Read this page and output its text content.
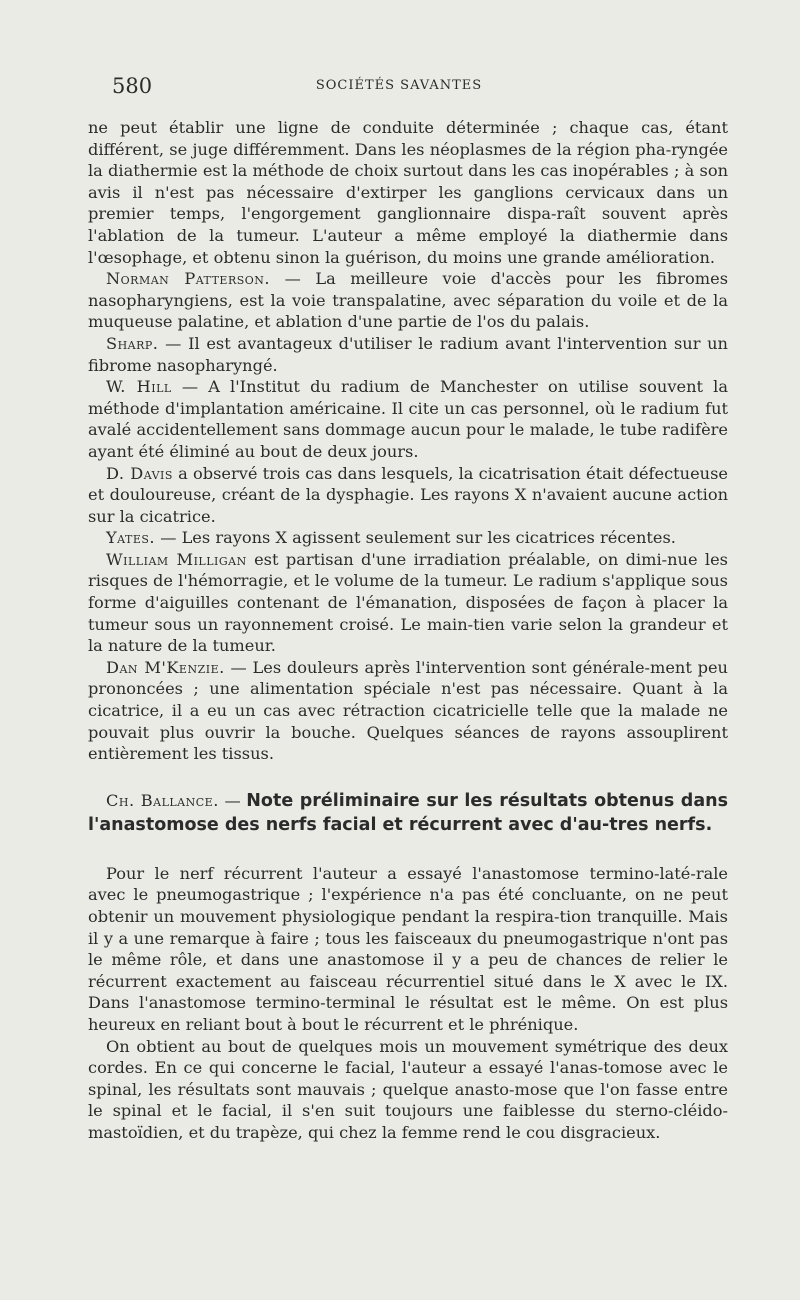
580	SOCIÉTÉS SAVANTES

ne peut établir une ligne de conduite déterminée ; chaque cas, étant différent, se juge différemment. Dans les néoplasmes de la région pha-ryngée la diathermie est la méthode de choix surtout dans les cas inopérables ; à son avis il n'est pas nécessaire d'extirper les ganglions cervicaux dans un premier temps, l'engorgement ganglionnaire dispa-raît souvent après l'ablation de la tumeur. L'auteur a même employé la diathermie dans l'œsophage, et obtenu sinon la guérison, du moins une grande amélioration.

Norman Patterson. — La meilleure voie d'accès pour les fibromes nasopharyngiens, est la voie transpalatine, avec séparation du voile et de la muqueuse palatine, et ablation d'une partie de l'os du palais.

Sharp. — Il est avantageux d'utiliser le radium avant l'intervention sur un fibrome nasopharyngé.

W. Hill — A l'Institut du radium de Manchester on utilise souvent la méthode d'implantation américaine. Il cite un cas personnel, où le radium fut avalé accidentellement sans dommage aucun pour le malade, le tube radifère ayant été éliminé au bout de deux jours.

D. Davis a observé trois cas dans lesquels, la cicatrisation était défectueuse et douloureuse, créant de la dysphagie. Les rayons X n'avaient aucune action sur la cicatrice.

Yates. — Les rayons X agissent seulement sur les cicatrices récentes.

William Milligan est partisan d'une irradiation préalable, on dimi-nue les risques de l'hémorragie, et le volume de la tumeur. Le radium s'applique sous forme d'aiguilles contenant de l'émanation, disposées de façon à placer la tumeur sous un rayonnement croisé. Le main-tien varie selon la grandeur et la nature de la tumeur.

Dan M'Kenzie. — Les douleurs après l'intervention sont générale-ment peu prononcées ; une alimentation spéciale n'est pas nécessaire. Quant à la cicatrice, il a eu un cas avec rétraction cicatricielle telle que la malade ne pouvait plus ouvrir la bouche. Quelques séances de rayons assouplirent entièrement les tissus.

Ch. Ballance. — Note préliminaire sur les résultats obtenus dans l'anastomose des nerfs facial et récurrent avec d'au-tres nerfs.

Pour le nerf récurrent l'auteur a essayé l'anastomose termino-laté-rale avec le pneumogastrique ; l'expérience n'a pas été concluante, on ne peut obtenir un mouvement physiologique pendant la respira-tion tranquille. Mais il y a une remarque à faire ; tous les faisceaux du pneumogastrique n'ont pas le même rôle, et dans une anastomose il y a peu de chances de relier le récurrent exactement au faisceau récurrentiel situé dans le X avec le IX. Dans l'anastomose termino-terminal le résultat est le même. On est plus heureux en reliant bout à bout le récurrent et le phrénique.

On obtient au bout de quelques mois un mouvement symétrique des deux cordes. En ce qui concerne le facial, l'auteur a essayé l'anas-tomose avec le spinal, les résultats sont mauvais ; quelque anasto-mose que l'on fasse entre le spinal et le facial, il s'en suit toujours une faiblesse du sterno-cléido-mastoïdien, et du trapèze, qui chez la femme rend le cou disgracieux.
